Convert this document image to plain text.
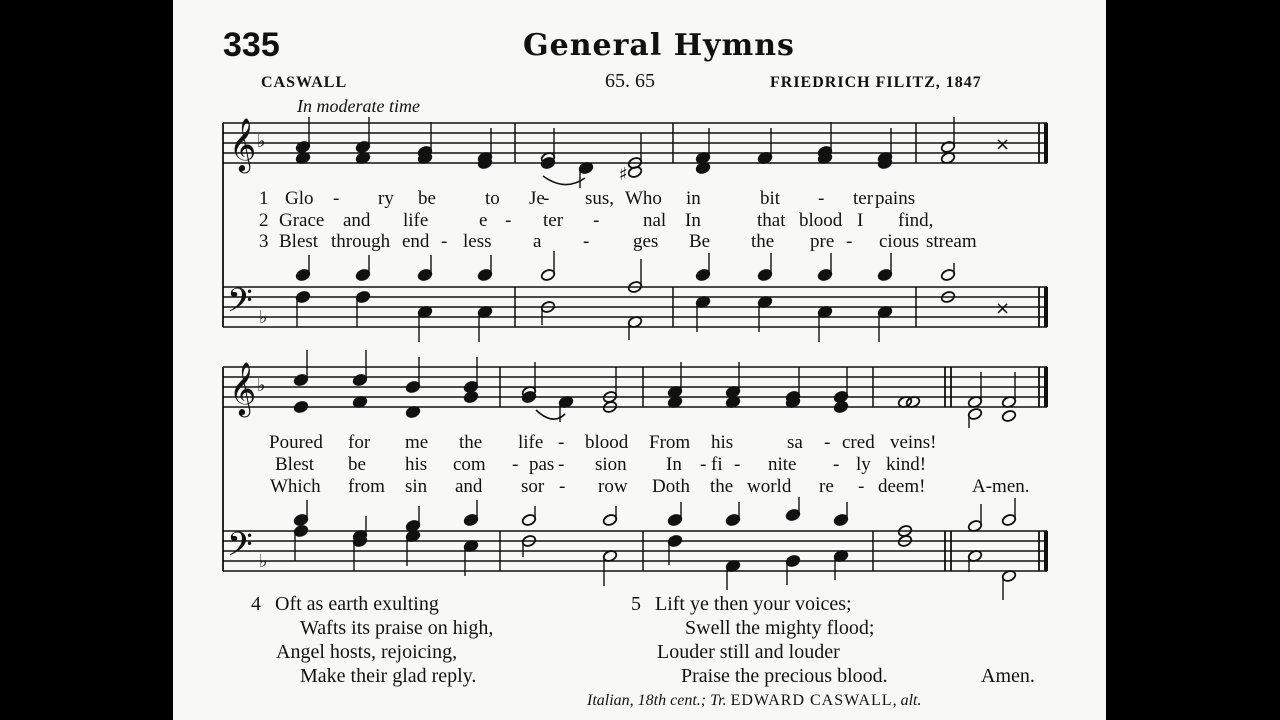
335	General Hymns
CASWALL	65. 65	FRIEDRICH FILITZ, 1847
In moderate time
𝄞
𝄞
𝄢
𝄢
♭
♭
♭
♭
♯
×
×
1
2
3
Glo - ry be	to Je
- sus, Who in	bit - ter pains
Grace and life	e - ter - nal In	that blood I find,
Blest through end - less a - ges Be the pre - cious stream
Poured for me the life - blood From his	sa - cred veins!
Blest be his com - pas - sion In - fi - nite - ly kind!
Which from sin and sor - row Doth the world re - deem! A-men.
4 Oft as earth exulting
Wafts its praise on high,
Angel hosts, rejoicing,
Make their glad reply.
5 Lift ye then your voices;
Swell the mighty flood;
Louder still and louder
Praise the precious blood.	Amen.
Italian, 18th cent.; Tr. EDWARD CASWALL, alt.
